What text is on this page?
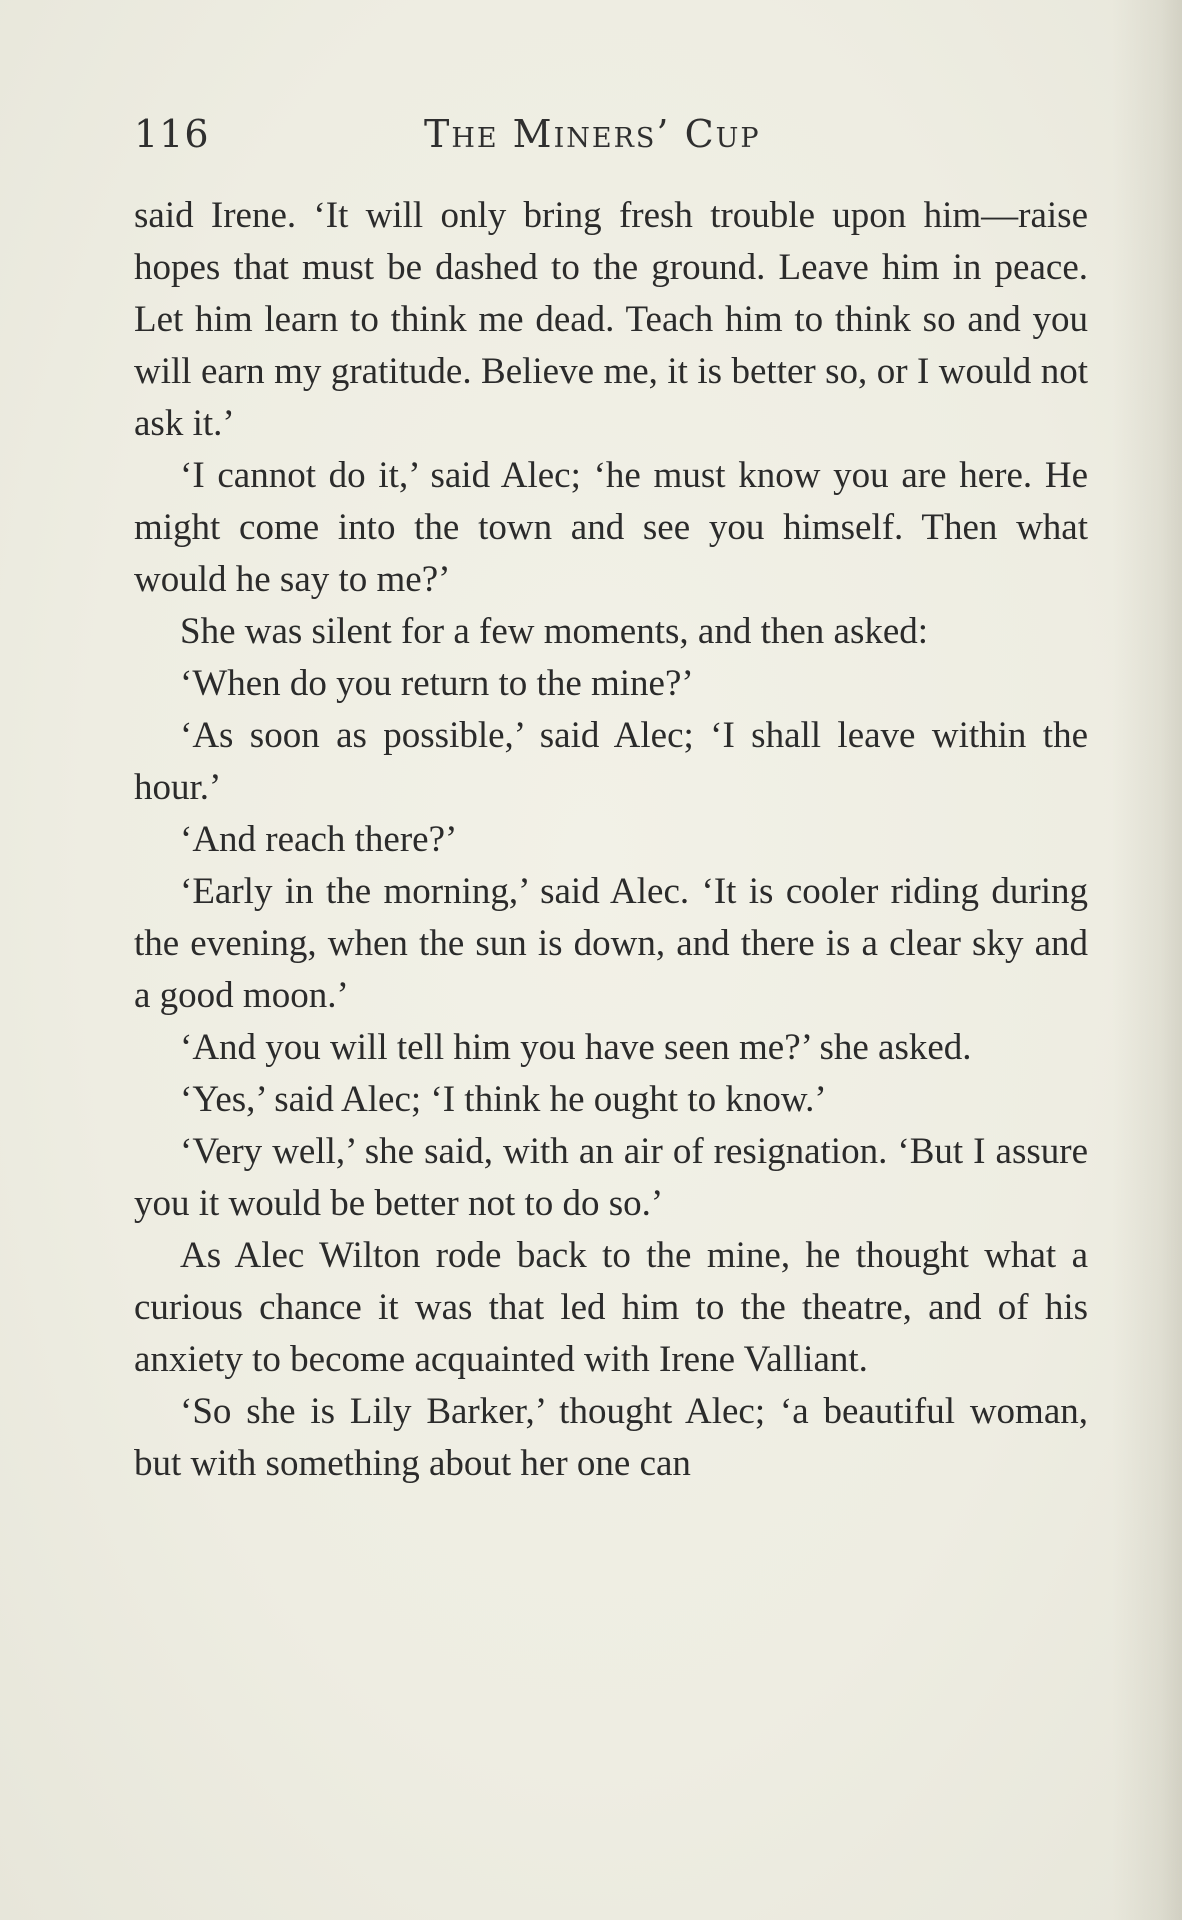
116	The Miners’ Cup

said Irene. ‘It will only bring fresh trouble upon him—raise hopes that must be dashed to the ground. Leave him in peace. Let him learn to think me dead. Teach him to think so and you will earn my gratitude. Believe me, it is better so, or I would not ask it.’

‘I cannot do it,’ said Alec; ‘he must know you are here. He might come into the town and see you himself. Then what would he say to me?’

She was silent for a few moments, and then asked:

‘When do you return to the mine?’

‘As soon as possible,’ said Alec; ‘I shall leave within the hour.’

‘And reach there?’

‘Early in the morning,’ said Alec. ‘It is cooler riding during the evening, when the sun is down, and there is a clear sky and a good moon.’

‘And you will tell him you have seen me?’ she asked.

‘Yes,’ said Alec; ‘I think he ought to know.’

‘Very well,’ she said, with an air of resignation. ‘But I assure you it would be better not to do so.’

As Alec Wilton rode back to the mine, he thought what a curious chance it was that led him to the theatre, and of his anxiety to become acquainted with Irene Valliant.

‘So she is Lily Barker,’ thought Alec; ‘a beautiful woman, but with something about her one can
